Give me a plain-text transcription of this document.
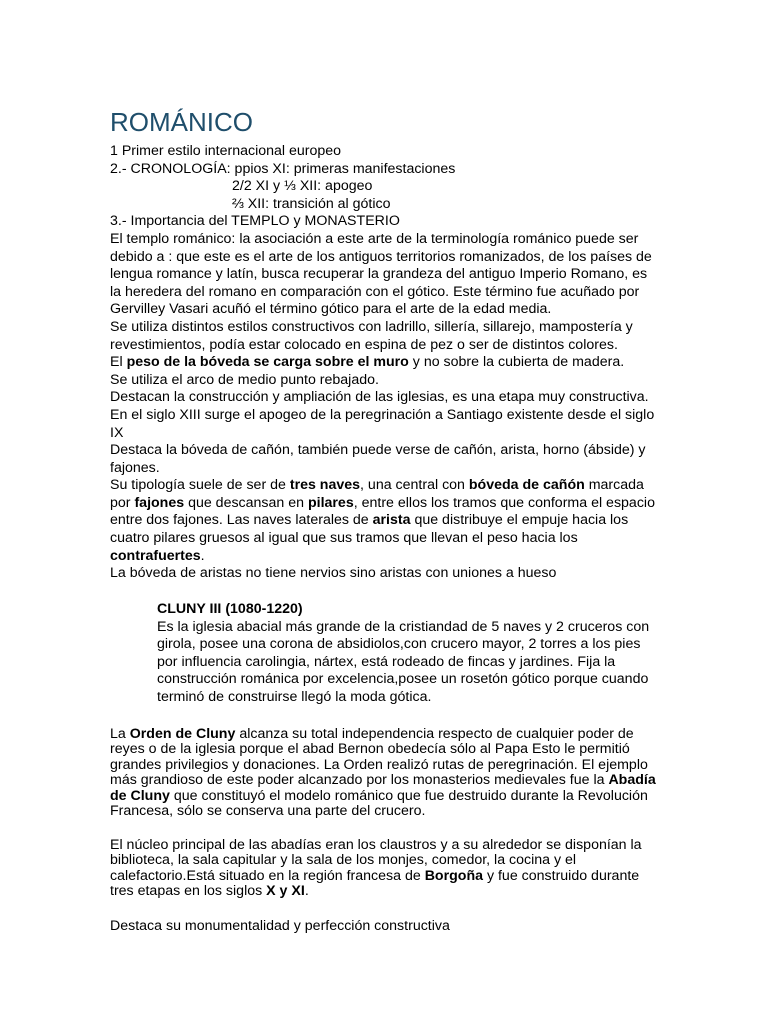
ROMÁNICO
1 Primer estilo internacional europeo
2.- CRONOLOGÍA: ppios XI: primeras manifestaciones
2/2 XI y ⅓ XII: apogeo
⅔ XII: transición al gótico
3.- Importancia del TEMPLO y MONASTERIO
El templo románico: la asociación a este arte de la terminología románico puede ser
debido a : que este es el arte de los antiguos territorios romanizados, de los países de
lengua romance y latín, busca recuperar la grandeza del antiguo Imperio Romano, es
la heredera del romano en comparación con el gótico. Este término fue acuñado por
Gervilley Vasari acuñó el término gótico para el arte de la edad media.
Se utiliza distintos estilos constructivos con ladrillo, sillería, sillarejo, mampostería y
revestimientos, podía estar colocado en espina de pez o ser de distintos colores.
El peso de la bóveda se carga sobre el muro y no sobre la cubierta de madera.
Se utiliza el arco de medio punto rebajado.
Destacan la construcción y ampliación de las iglesias, es una etapa muy constructiva.
En el siglo XIII surge el apogeo de la peregrinación a Santiago existente desde el siglo
IX
Destaca la bóveda de cañón, también puede verse de cañón, arista, horno (ábside) y
fajones.
Su tipología suele de ser de tres naves, una central con bóveda de cañón marcada
por fajones que descansan en pilares, entre ellos los tramos que conforma el espacio
entre dos fajones. Las naves laterales de arista que distribuye el empuje hacia los
cuatro pilares gruesos al igual que sus tramos que llevan el peso hacia los
contrafuertes.
La bóveda de aristas no tiene nervios sino aristas con uniones a hueso
CLUNY III (1080-1220)
Es la iglesia abacial más grande de la cristiandad de 5 naves y 2 cruceros con
girola, posee una corona de absidiolos,con crucero mayor, 2 torres a los pies
por influencia carolingia, nártex, está rodeado de fincas y jardines. Fija la
construcción románica por excelencia,posee un rosetón gótico porque cuando
terminó de construirse llegó la moda gótica.
La Orden de Cluny alcanza su total independencia respecto de cualquier poder de
reyes o de la iglesia porque el abad Bernon obedecía sólo al Papa Esto le permitió
grandes privilegios y donaciones. La Orden realizó rutas de peregrinación. El ejemplo
más grandioso de este poder alcanzado por los monasterios medievales fue la Abadía
de Cluny que constituyó el modelo románico que fue destruido durante la Revolución
Francesa, sólo se conserva una parte del crucero.
El núcleo principal de las abadías eran los claustros y a su alrededor se disponían la
biblioteca, la sala capitular y la sala de los monjes, comedor, la cocina y el
calefactorio.Está situado en la región francesa de Borgoña y fue construido durante
tres etapas en los siglos X y XI.
Destaca su monumentalidad y perfección constructiva
